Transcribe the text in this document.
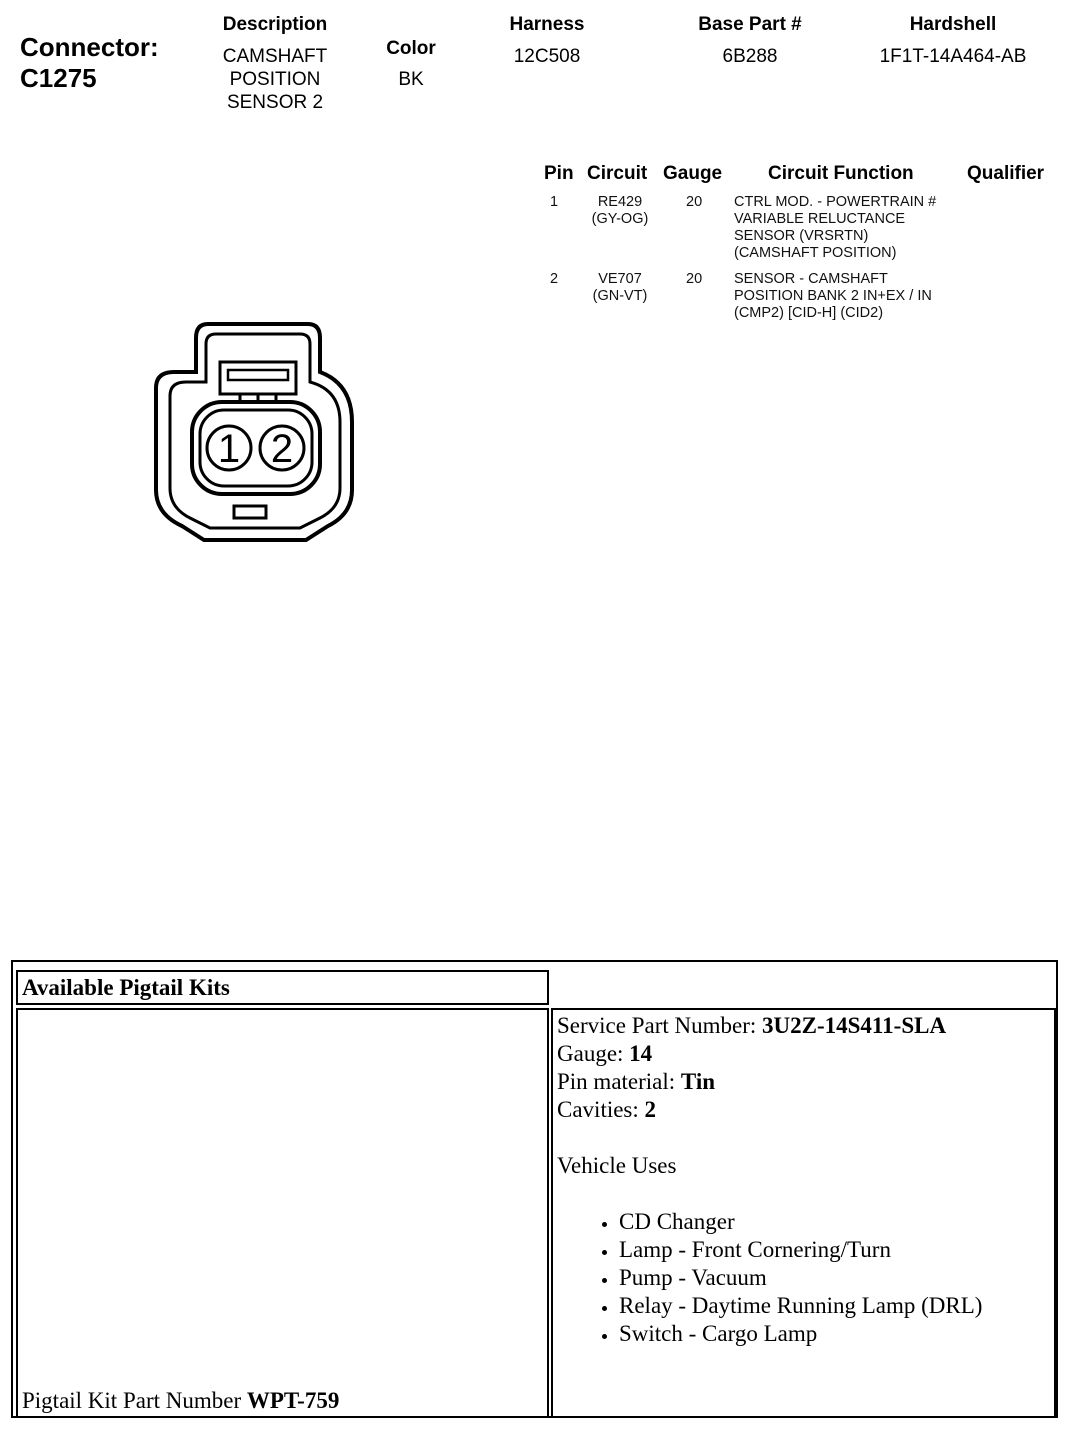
Connector:
C1275
Description
CAMSHAFT
POSITION
SENSOR 2
Color
BK
Harness
12C508
Base Part #
6B288
Hardshell
1F1T-14A464-AB
Pin Circuit Gauge Circuit Function	Qualifier
1	RE429
(GY-OG)
20 CTRL MOD. - POWERTRAIN #
VARIABLE RELUCTANCE
SENSOR (VRSRTN)
(CAMSHAFT POSITION)
2	VE707
(GN-VT)
20 SENSOR - CAMSHAFT
POSITION BANK 2 IN+EX / IN
(CMP2) [CID-H] (CID2)
1 2
Available Pigtail Kits
Pigtail Kit Part Number WPT-759
Service Part Number: 3U2Z-14S411-SLA
Gauge: 14
Pin material: Tin
Cavities: 2
Vehicle Uses
• CD Changer
• Lamp - Front Cornering/Turn
• Pump - Vacuum
• Relay - Daytime Running Lamp (DRL)
• Switch - Cargo Lamp
